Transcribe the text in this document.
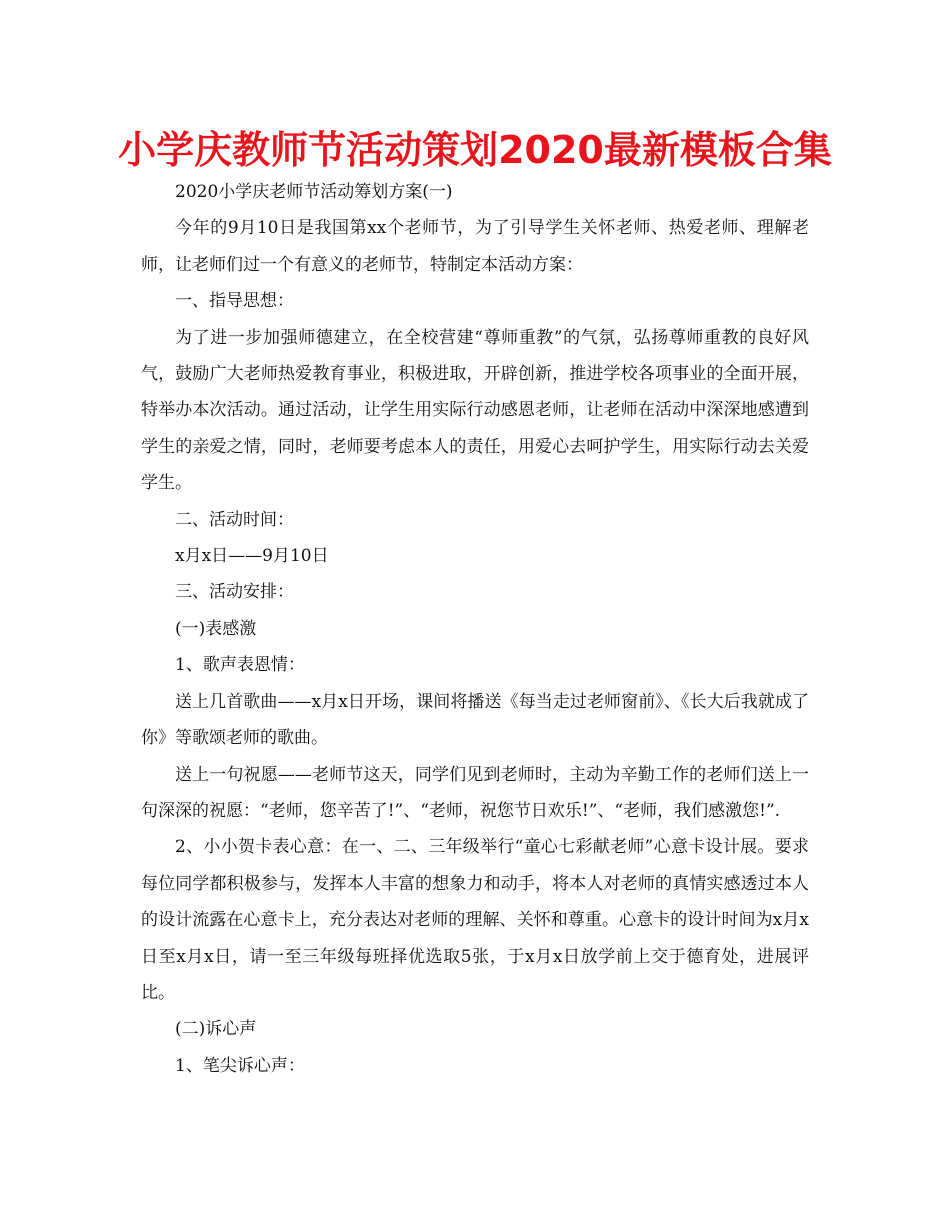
小学庆教师节活动策划2020最新模板合集

2020小学庆老师节活动筹划方案(一)

今年的9月10日是我国第xx个老师节，为了引导学生关怀老师、热爱老师、理解老师，让老师们过一个有意义的老师节，特制定本活动方案：

一、指导思想：

为了进一步加强师德建立，在全校营建“尊师重教”的气氛，弘扬尊师重教的良好风气，鼓励广大老师热爱教育事业，积极进取，开辟创新，推进学校各项事业的全面开展，特举办本次活动。通过活动，让学生用实际行动感恩老师，让老师在活动中深深地感遭到学生的亲爱之情，同时，老师要考虑本人的责任，用爱心去呵护学生，用实际行动去关爱学生。

二、活动时间：

x月x日——9月10日

三、活动安排：

(一)表感激

1、歌声表恩情：

送上几首歌曲——x月x日开场，课间将播送《每当走过老师窗前》、《长大后我就成了你》等歌颂老师的歌曲。

送上一句祝愿——老师节这天，同学们见到老师时，主动为辛勤工作的老师们送上一句深深的祝愿：“老师，您辛苦了!”、“老师，祝您节日欢乐!”、“老师，我们感激您!”.

2、小小贺卡表心意：在一、二、三年级举行“童心七彩献老师”心意卡设计展。要求每位同学都积极参与，发挥本人丰富的想象力和动手，将本人对老师的真情实感透过本人的设计流露在心意卡上，充分表达对老师的理解、关怀和尊重。心意卡的设计时间为x月x日至x月x日，请一至三年级每班择优选取5张，于x月x日放学前上交于德育处，进展评比。

(二)诉心声

1、笔尖诉心声：
